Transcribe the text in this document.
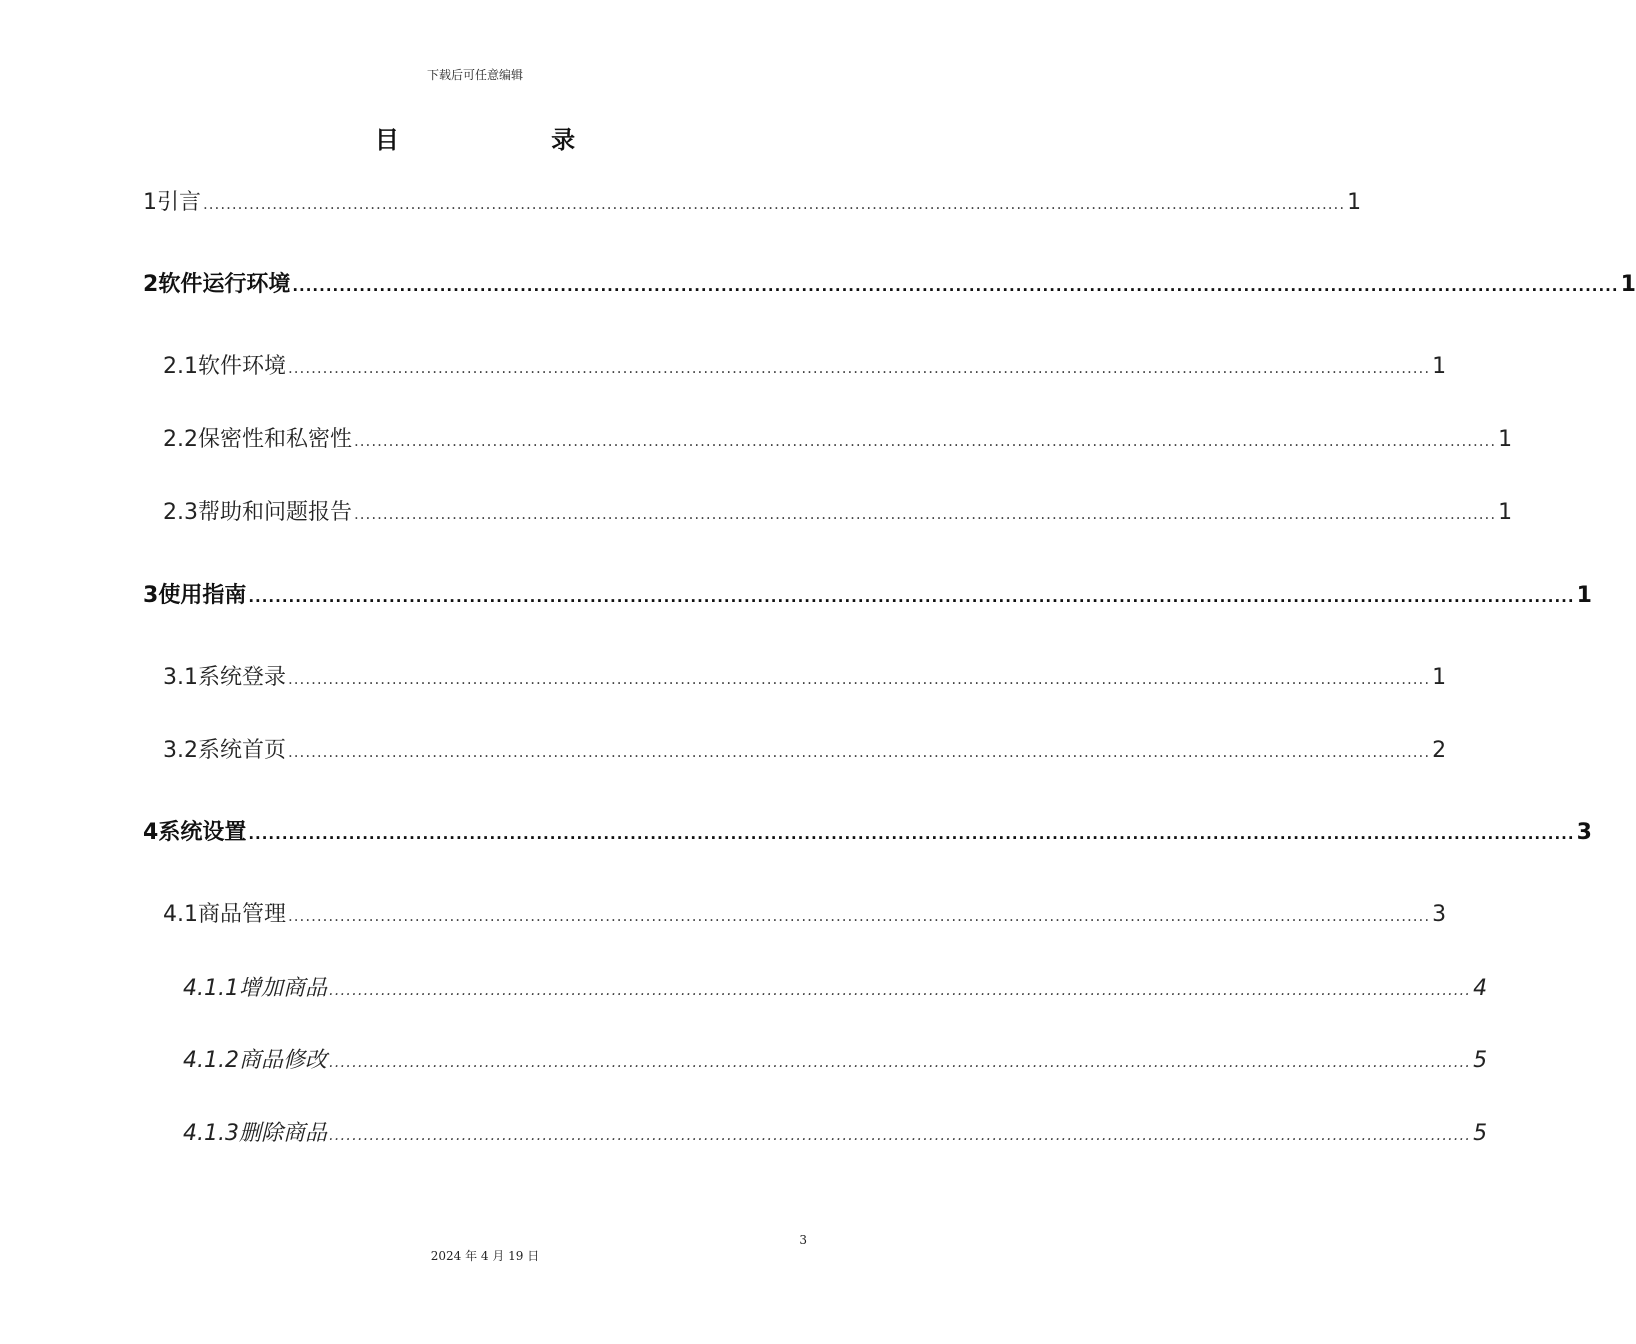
下载后可任意编辑
目 录
1 引言 ...................................................................................................................................................................................................... 1
2 软件运行环境 ...................................................................................................................................................................................................... 1
2.1 软件环境 ...................................................................................................................................................................................................... 1
2.2 保密性和私密性 ...................................................................................................................................................................................................... 1
2.3 帮助和问题报告 ...................................................................................................................................................................................................... 1
3 使用指南 ...................................................................................................................................................................................................... 1
3.1 系统登录 ...................................................................................................................................................................................................... 1
3.2 系统首页 ...................................................................................................................................................................................................... 2
4 系统设置 ...................................................................................................................................................................................................... 3
4.1 商品管理 ...................................................................................................................................................................................................... 3
4.1.1 增加商品 ...................................................................................................................................................................................................... 4
4.1.2 商品修改 ...................................................................................................................................................................................................... 5
4.1.3 删除商品 ...................................................................................................................................................................................................... 5
3
2024 年 4 月 19 日
